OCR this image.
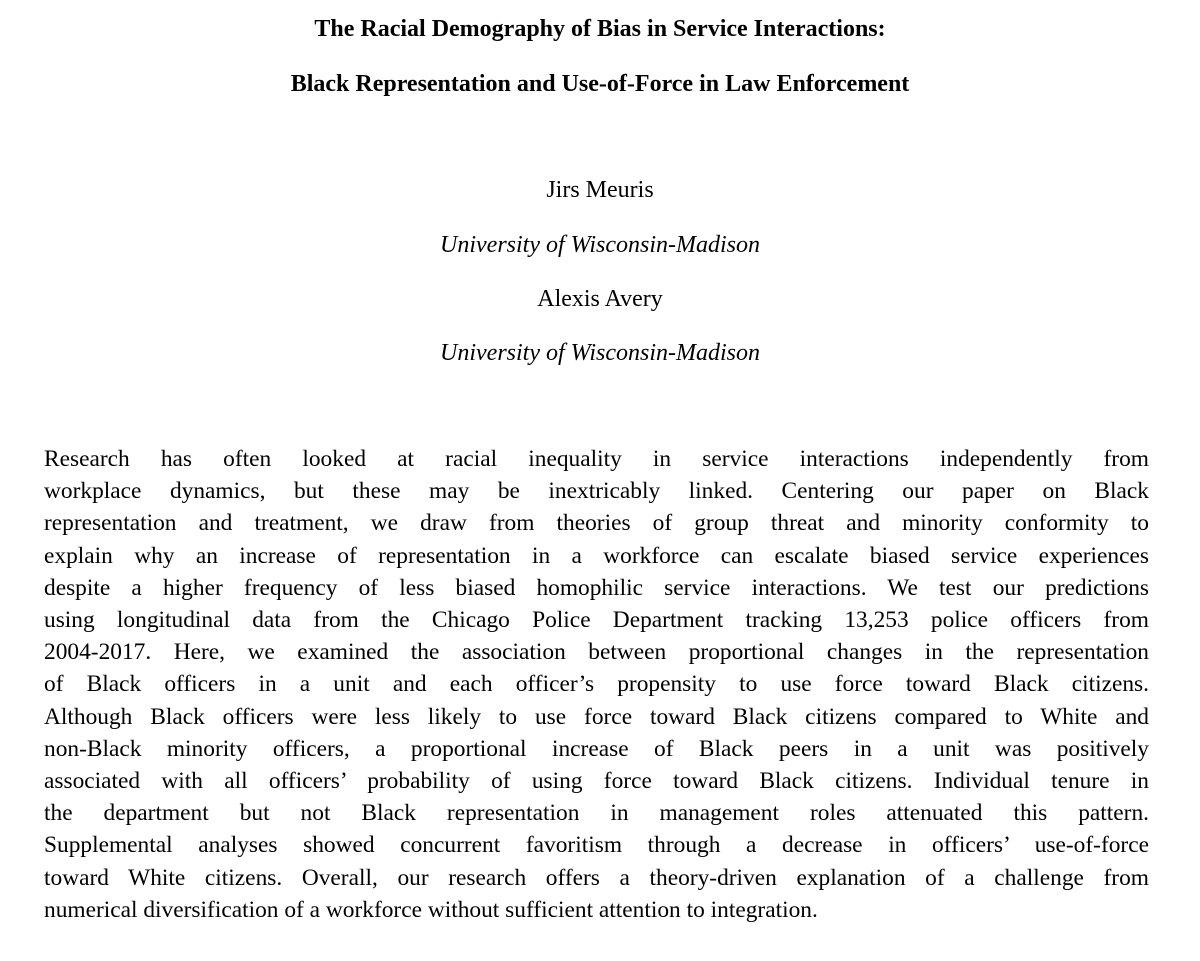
The Racial Demography of Bias in Service Interactions:
Black Representation and Use-of-Force in Law Enforcement

Jirs Meuris

University of Wisconsin-Madison

Alexis Avery

University of Wisconsin-Madison

Research has often looked at racial inequality in service interactions independently from
workplace dynamics, but these may be inextricably linked. Centering our paper on Black
representation and treatment, we draw from theories of group threat and minority conformity to
explain why an increase of representation in a workforce can escalate biased service experiences
despite a higher frequency of less biased homophilic service interactions. We test our predictions
using longitudinal data from the Chicago Police Department tracking 13,253 police officers from
2004-2017. Here, we examined the association between proportional changes in the representation
of Black officers in a unit and each officer’s propensity to use force toward Black citizens.
Although Black officers were less likely to use force toward Black citizens compared to White and
non-Black minority officers, a proportional increase of Black peers in a unit was positively
associated with all officers’ probability of using force toward Black citizens. Individual tenure in
the department but not Black representation in management roles attenuated this pattern.
Supplemental analyses showed concurrent favoritism through a decrease in officers’ use-of-force
toward White citizens. Overall, our research offers a theory-driven explanation of a challenge from
numerical diversification of a workforce without sufficient attention to integration.
